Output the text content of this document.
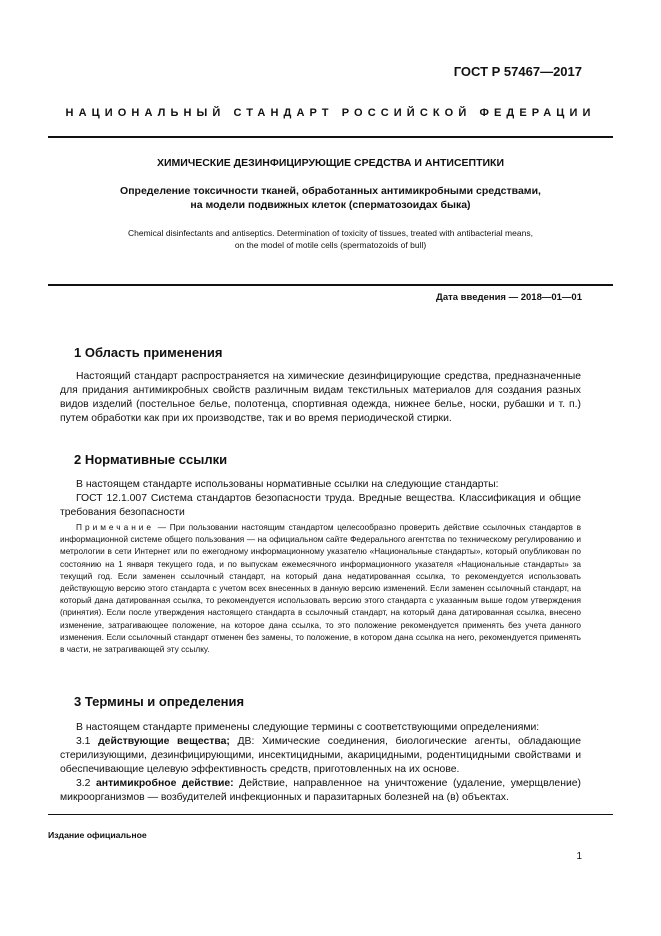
ГОСТ Р 57467—2017
НАЦИОНАЛЬНЫЙ СТАНДАРТ РОССИЙСКОЙ ФЕДЕРАЦИИ
ХИМИЧЕСКИЕ ДЕЗИНФИЦИРУЮЩИЕ СРЕДСТВА И АНТИСЕПТИКИ
Определение токсичности тканей, обработанных антимикробными средствами,
на модели подвижных клеток (сперматозоидах быка)
Chemical disinfectants and antiseptics. Determination of toxicity of tissues, treated with antibacterial means,
on the model of motile cells (spermatozoids of bull)
Дата введения — 2018—01—01
1 Область применения

Настоящий стандарт распространяется на химические дезинфицирующие средства, предназначенные для придания антимикробных свойств различным видам текстильных материалов для создания разных видов изделий (постельное белье, полотенца, спортивная одежда, нижнее белье, носки, рубашки и т. п.) путем обработки как при их производстве, так и во время периодической стирки.

2 Нормативные ссылки

В настоящем стандарте использованы нормативные ссылки на следующие стандарты:

ГОСТ 12.1.007 Система стандартов безопасности труда. Вредные вещества. Классификация и общие требования безопасности

Примечание — При пользовании настоящим стандартом целесообразно проверить действие ссылочных стандартов в информационной системе общего пользования — на официальном сайте Федерального агентства по техническому регулированию и метрологии в сети Интернет или по ежегодному информационному указателю «Национальные стандарты», который опубликован по состоянию на 1 января текущего года, и по выпускам ежемесячного информационного указателя «Национальные стандарты» за текущий год. Если заменен ссылочный стандарт, на который дана недатированная ссылка, то рекомендуется использовать действующую версию этого стандарта с учетом всех внесенных в данную версию изменений. Если заменен ссылочный стандарт, на который дана датированная ссылка, то рекомендуется использовать версию этого стандарта с указанным выше годом утверждения (принятия). Если после утверждения настоящего стандарта в ссылочный стандарт, на который дана датированная ссылка, внесено изменение, затрагивающее положение, на которое дана ссылка, то это положение рекомендуется применять без учета данного изменения. Если ссылочный стандарт отменен без замены, то положение, в котором дана ссылка на него, рекомендуется применять в части, не затрагивающей эту ссылку.

3 Термины и определения

В настоящем стандарте применены следующие термины с соответствующими определениями:

3.1 действующие вещества; ДВ: Химические соединения, биологические агенты, обладающие стерилизующими, дезинфицирующими, инсектицидными, акарицидными, родентицидными свойствами и обеспечивающие целевую эффективность средств, приготовленных на их основе.

3.2 антимикробное действие: Действие, направленное на уничтожение (удаление, умерщвление) микроорганизмов — возбудителей инфекционных и паразитарных болезней на (в) объектах.

Издание официальное
1
